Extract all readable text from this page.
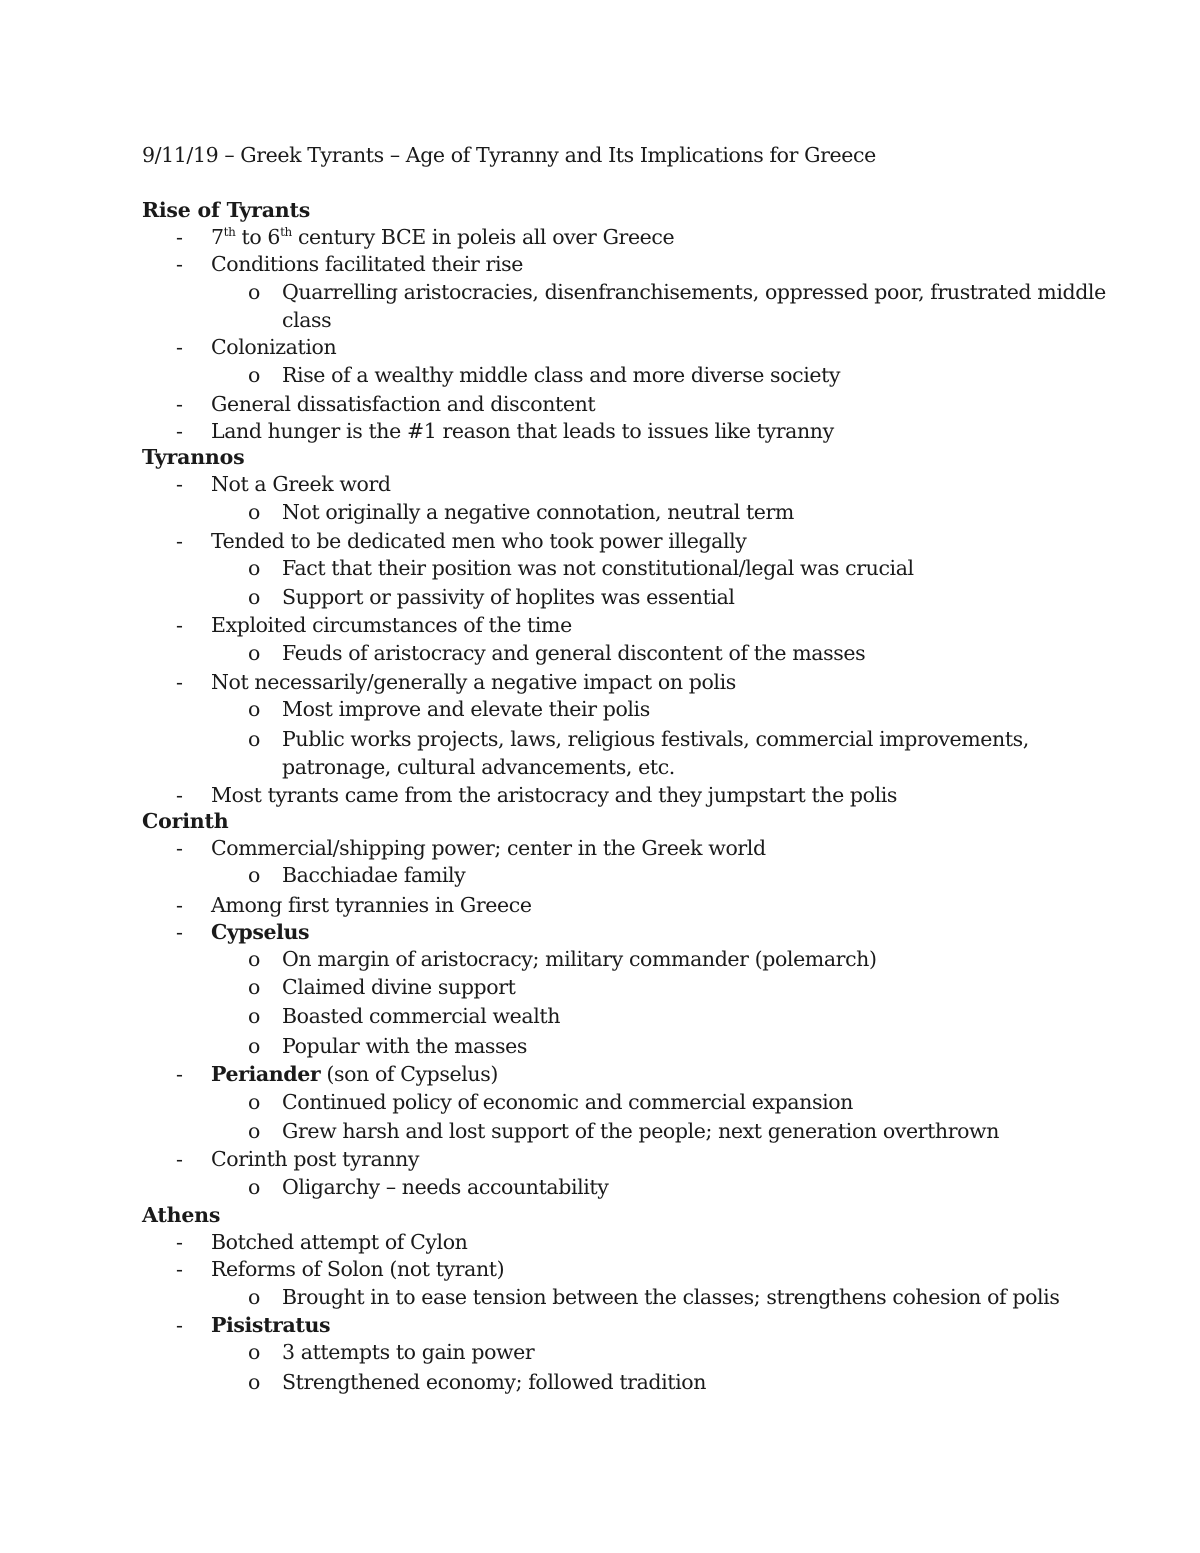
9/11/19 – Greek Tyrants – Age of Tyranny and Its Implications for Greece
Rise of Tyrants
- 7th to 6th century BCE in poleis all over Greece
- Conditions facilitated their rise
o Quarrelling aristocracies, disenfranchisements, oppressed poor, frustrated middle
class
- Colonization
o Rise of a wealthy middle class and more diverse society
- General dissatisfaction and discontent
- Land hunger is the #1 reason that leads to issues like tyranny
Tyrannos
- Not a Greek word
o Not originally a negative connotation, neutral term
- Tended to be dedicated men who took power illegally
o Fact that their position was not constitutional/legal was crucial
o Support or passivity of hoplites was essential
- Exploited circumstances of the time
o Feuds of aristocracy and general discontent of the masses
- Not necessarily/generally a negative impact on polis
o Most improve and elevate their polis
o Public works projects, laws, religious festivals, commercial improvements,
patronage, cultural advancements, etc.
- Most tyrants came from the aristocracy and they jumpstart the polis
Corinth
- Commercial/shipping power; center in the Greek world
o Bacchiadae family
- Among first tyrannies in Greece
- Cypselus
o On margin of aristocracy; military commander (polemarch)
o Claimed divine support
o Boasted commercial wealth
o Popular with the masses
- Periander (son of Cypselus)
o Continued policy of economic and commercial expansion
o Grew harsh and lost support of the people; next generation overthrown
- Corinth post tyranny
o Oligarchy – needs accountability
Athens
- Botched attempt of Cylon
- Reforms of Solon (not tyrant)
o Brought in to ease tension between the classes; strengthens cohesion of polis
- Pisistratus
o 3 attempts to gain power
o Strengthened economy; followed tradition
